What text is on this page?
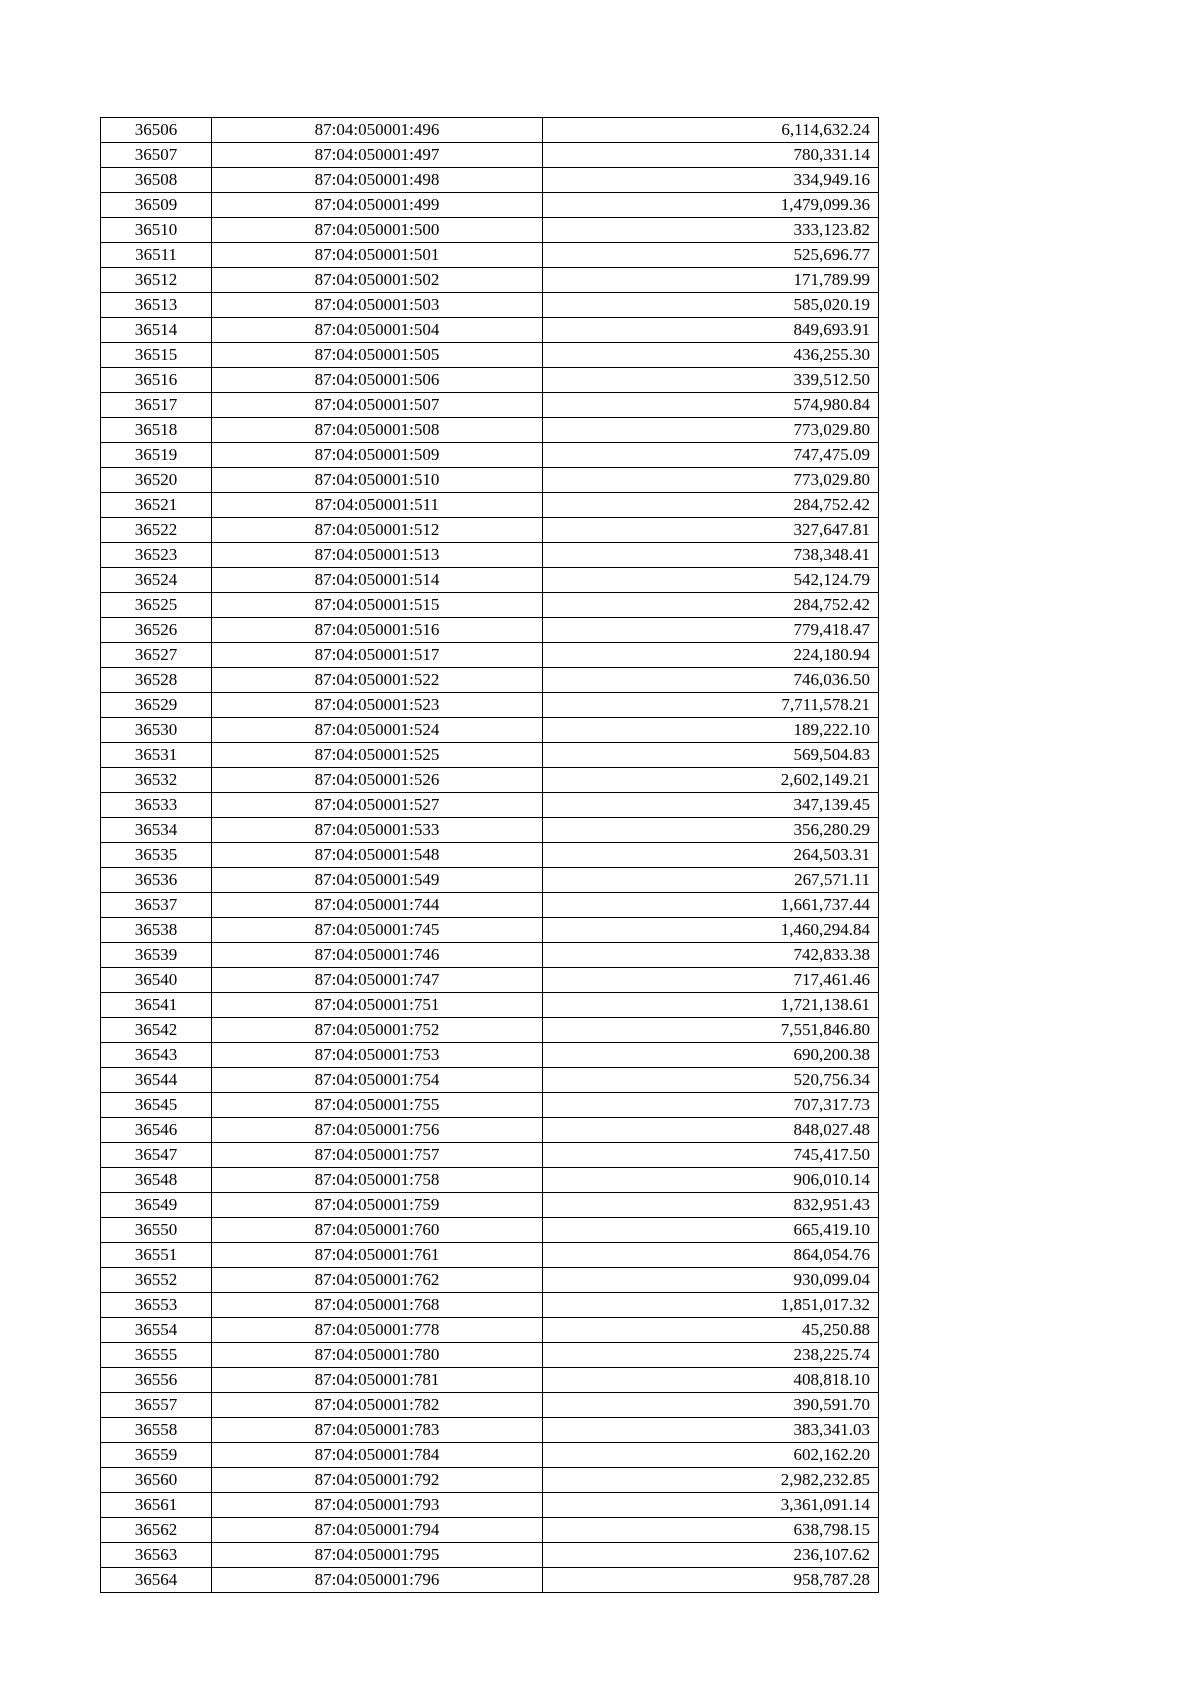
36506	87:04:050001:496	6,114,632.24
36507	87:04:050001:497	780,331.14
36508	87:04:050001:498	334,949.16
36509	87:04:050001:499	1,479,099.36
36510	87:04:050001:500	333,123.82
36511	87:04:050001:501	525,696.77
36512	87:04:050001:502	171,789.99
36513	87:04:050001:503	585,020.19
36514	87:04:050001:504	849,693.91
36515	87:04:050001:505	436,255.30
36516	87:04:050001:506	339,512.50
36517	87:04:050001:507	574,980.84
36518	87:04:050001:508	773,029.80
36519	87:04:050001:509	747,475.09
36520	87:04:050001:510	773,029.80
36521	87:04:050001:511	284,752.42
36522	87:04:050001:512	327,647.81
36523	87:04:050001:513	738,348.41
36524	87:04:050001:514	542,124.79
36525	87:04:050001:515	284,752.42
36526	87:04:050001:516	779,418.47
36527	87:04:050001:517	224,180.94
36528	87:04:050001:522	746,036.50
36529	87:04:050001:523	7,711,578.21
36530	87:04:050001:524	189,222.10
36531	87:04:050001:525	569,504.83
36532	87:04:050001:526	2,602,149.21
36533	87:04:050001:527	347,139.45
36534	87:04:050001:533	356,280.29
36535	87:04:050001:548	264,503.31
36536	87:04:050001:549	267,571.11
36537	87:04:050001:744	1,661,737.44
36538	87:04:050001:745	1,460,294.84
36539	87:04:050001:746	742,833.38
36540	87:04:050001:747	717,461.46
36541	87:04:050001:751	1,721,138.61
36542	87:04:050001:752	7,551,846.80
36543	87:04:050001:753	690,200.38
36544	87:04:050001:754	520,756.34
36545	87:04:050001:755	707,317.73
36546	87:04:050001:756	848,027.48
36547	87:04:050001:757	745,417.50
36548	87:04:050001:758	906,010.14
36549	87:04:050001:759	832,951.43
36550	87:04:050001:760	665,419.10
36551	87:04:050001:761	864,054.76
36552	87:04:050001:762	930,099.04
36553	87:04:050001:768	1,851,017.32
36554	87:04:050001:778	45,250.88
36555	87:04:050001:780	238,225.74
36556	87:04:050001:781	408,818.10
36557	87:04:050001:782	390,591.70
36558	87:04:050001:783	383,341.03
36559	87:04:050001:784	602,162.20
36560	87:04:050001:792	2,982,232.85
36561	87:04:050001:793	3,361,091.14
36562	87:04:050001:794	638,798.15
36563	87:04:050001:795	236,107.62
36564	87:04:050001:796	958,787.28
